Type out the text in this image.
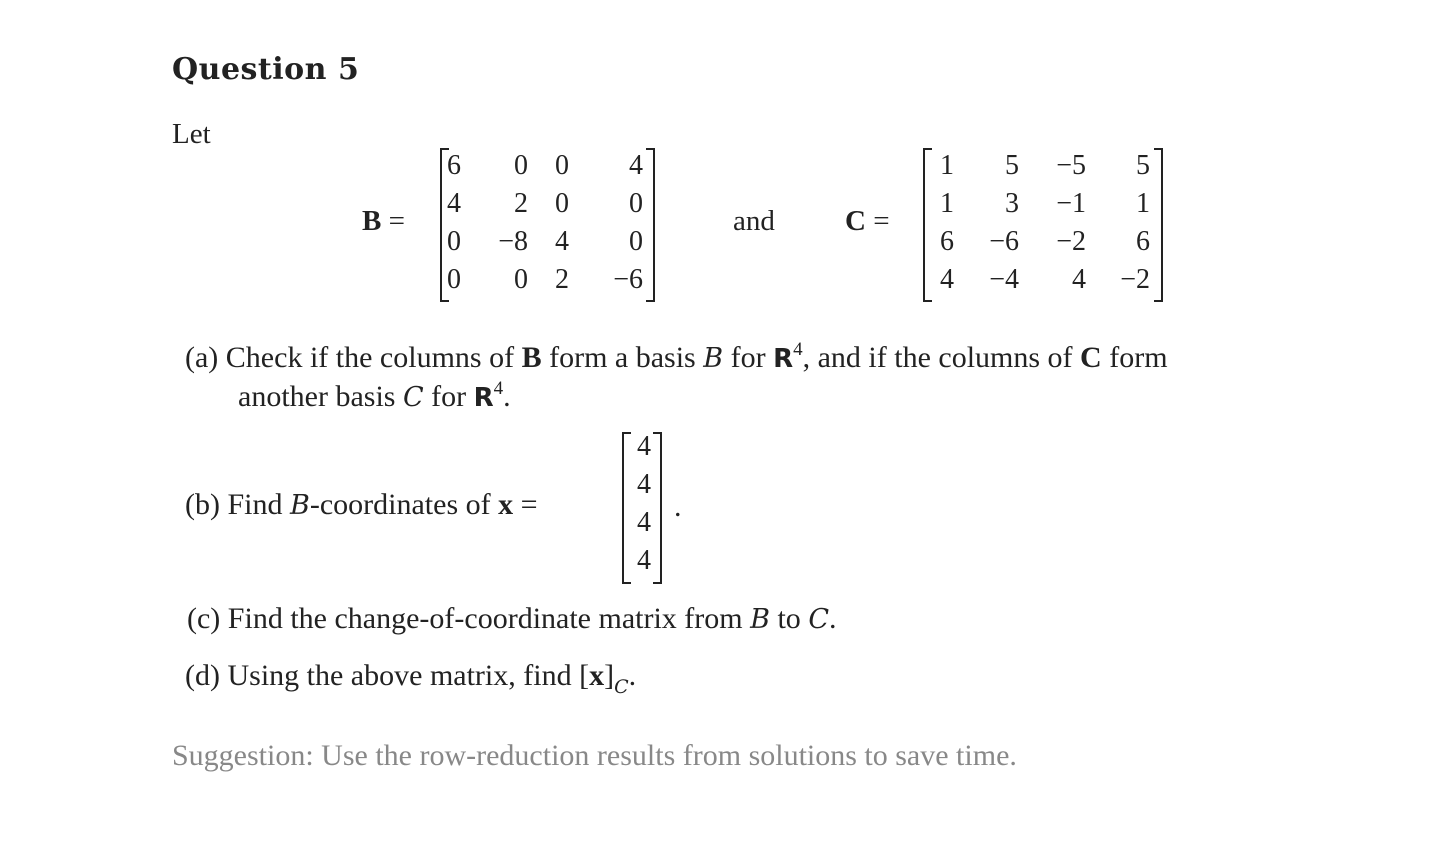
Question 5
Let
B =
6 0 0 4
4 2 0 0
0 −8 4 0
0 0 2 −6
and C =
1 5 −5 5
1 3 −1 1
6 −6 −2 6
4 −4 4 −2
(a) Check if the columns of B form a basis B for $R^4$, and if the columns of C form
another basis C for $R^4$.
(b) Find B-coordinates of x =
4
4
4
4
.
(c) Find the change-of-coordinate matrix from B to C.
(d) Using the above matrix, find $[x]_C$.
Suggestion: Use the row-reduction results from solutions to save time.
